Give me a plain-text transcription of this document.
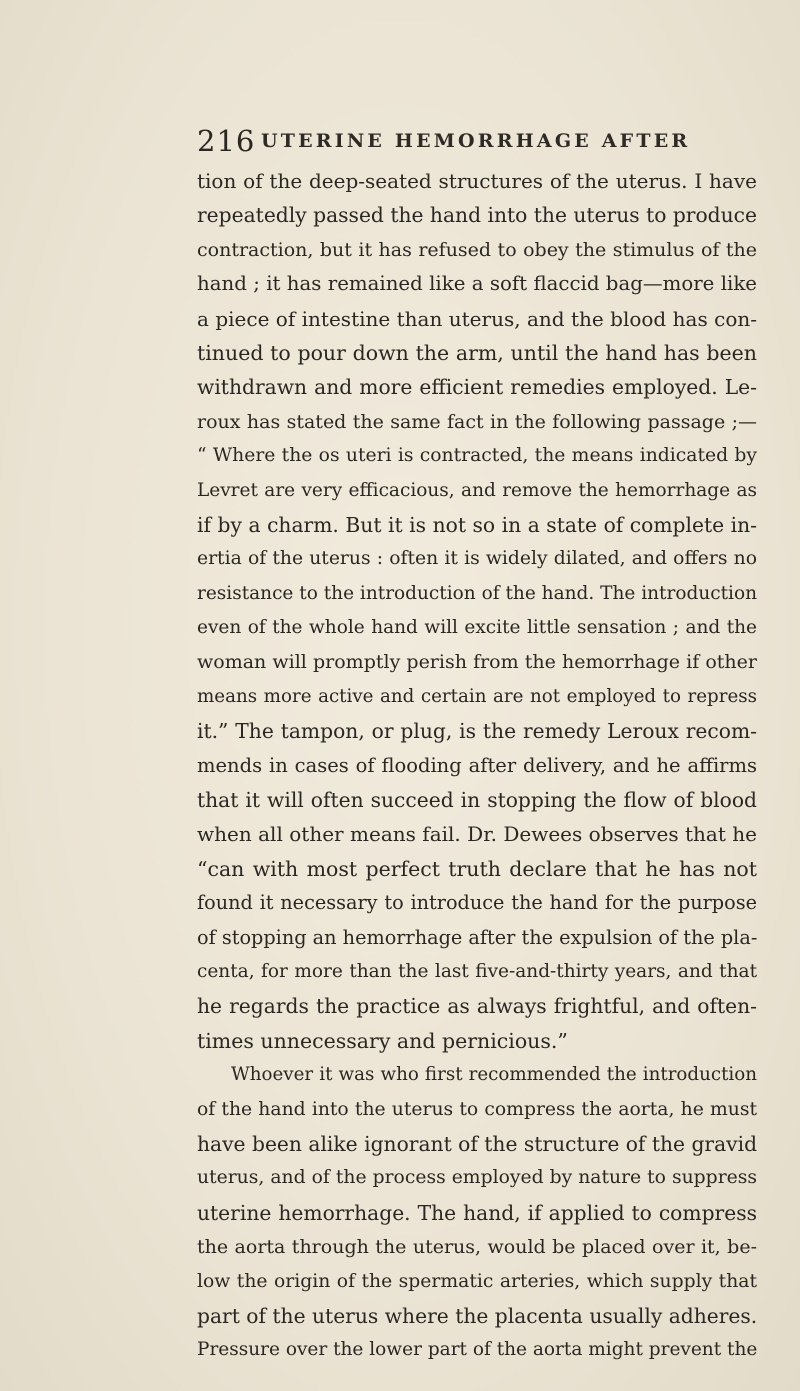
216 UTERINE HEMORRHAGE AFTER
tion of the deep-seated structures of the uterus. I have
repeatedly passed the hand into the uterus to produce
contraction, but it has refused to obey the stimulus of the
hand ; it has remained like a soft flaccid bag—more like
a piece of intestine than uterus, and the blood has con-
tinued to pour down the arm, until the hand has been
withdrawn and more efficient remedies employed. Le-
roux has stated the same fact in the following passage ;—
“ Where the os uteri is contracted, the means indicated by
Levret are very efficacious, and remove the hemorrhage as
if by a charm. But it is not so in a state of complete in-
ertia of the uterus : often it is widely dilated, and offers no
resistance to the introduction of the hand. The introduction
even of the whole hand will excite little sensation ; and the
woman will promptly perish from the hemorrhage if other
means more active and certain are not employed to repress
it.” The tampon, or plug, is the remedy Leroux recom-
mends in cases of flooding after delivery, and he affirms
that it will often succeed in stopping the flow of blood
when all other means fail. Dr. Dewees observes that he
“can with most perfect truth declare that he has not
found it necessary to introduce the hand for the purpose
of stopping an hemorrhage after the expulsion of the pla-
centa, for more than the last five-and-thirty years, and that
he regards the practice as always frightful, and often-
times unnecessary and pernicious.”
Whoever it was who first recommended the introduction
of the hand into the uterus to compress the aorta, he must
have been alike ignorant of the structure of the gravid
uterus, and of the process employed by nature to suppress
uterine hemorrhage. The hand, if applied to compress
the aorta through the uterus, would be placed over it, be-
low the origin of the spermatic arteries, which supply that
part of the uterus where the placenta usually adheres.
Pressure over the lower part of the aorta might prevent the
